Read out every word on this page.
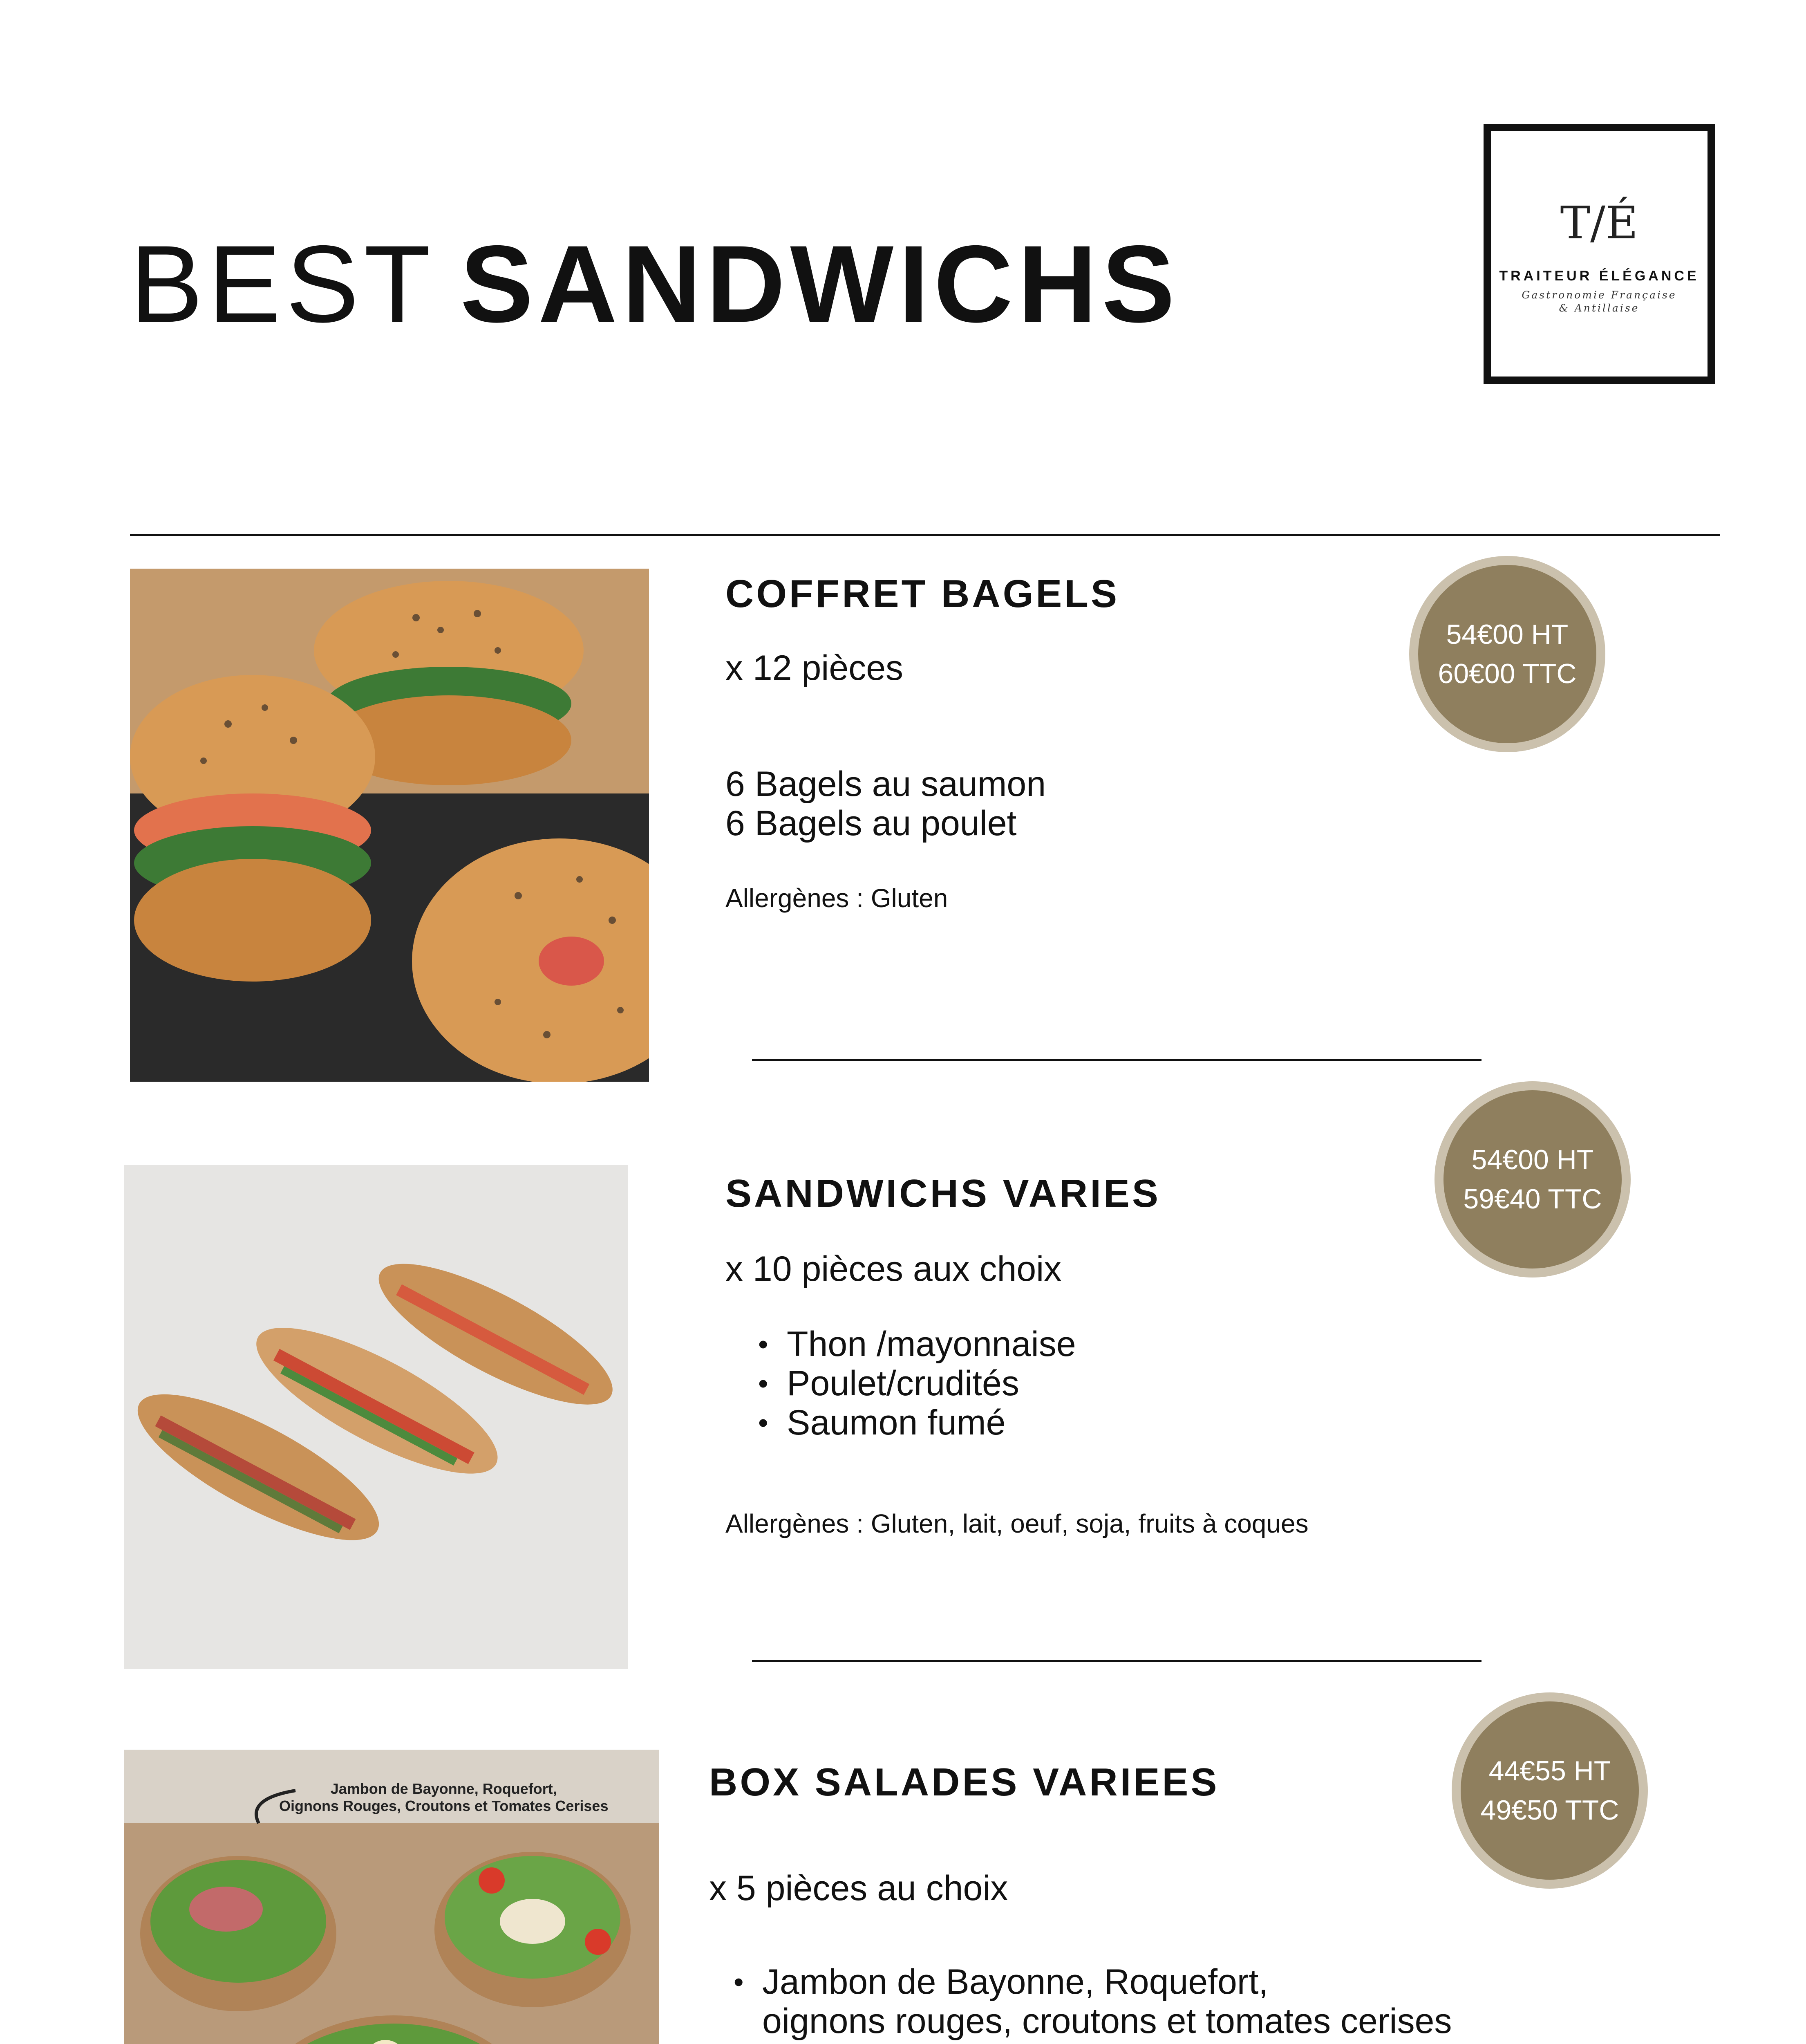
BEST SANDWICHS	T/É
TRAITEUR ÉLÉGANCE
Gastronomie Française
& Antillaise
COFFRET BAGELS
x 12 pièces
6 Bagels au saumon
6 Bagels au poulet
Allergènes : Gluten
54€00 HT
60€00 TTC
SANDWICHS VARIES
x 10 pièces aux choix
• Thon /mayonnaise
• Poulet/crudités
• Saumon fumé
Allergènes : Gluten, lait, oeuf, soja, fruits à coques
54€00 HT
59€40 TTC
Jambon de Bayonne, Roquefort,
Oignons Rouges, Croutons et Tomates Cerises
BOX SALADES VARIEES
x 5 pièces au choix
• Jambon de Bayonne, Roquefort,
oignons rouges, croutons et tomates cerises
44€55 HT
49€50 TTC
